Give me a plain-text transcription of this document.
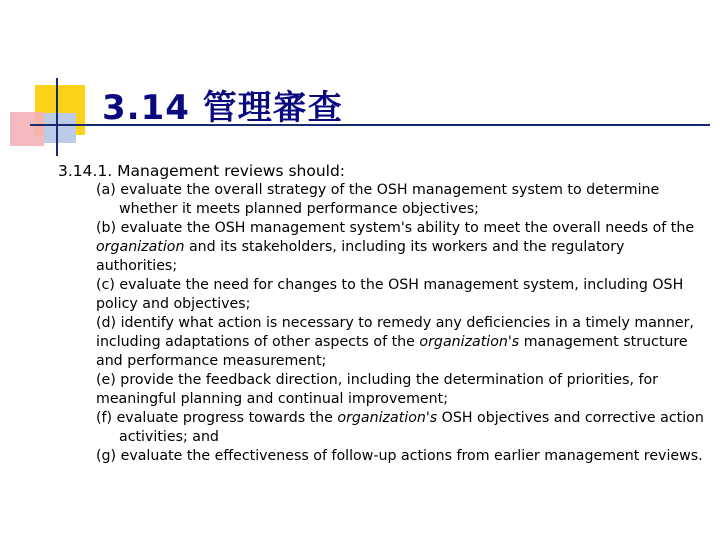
3.14 管理審查
3.14.1. Management reviews should:

(a) evaluate the overall strategy of the OSH management system to determine
whether it meets planned performance objectives;

(b) evaluate the OSH management system's ability to meet the overall needs of the organization and its stakeholders, including its workers and the regulatory authorities;

(c) evaluate the need for changes to the OSH management system, including OSH policy and objectives;

(d) identify what action is necessary to remedy any deficiencies in a timely manner, including adaptations of other aspects of the organization's management structure and performance measurement;

(e) provide the feedback direction, including the determination of priorities, for meaningful planning and continual improvement;

(f) evaluate progress towards the organization's OSH objectives and corrective action
activities; and

(g) evaluate the effectiveness of follow-up actions from earlier management reviews.
